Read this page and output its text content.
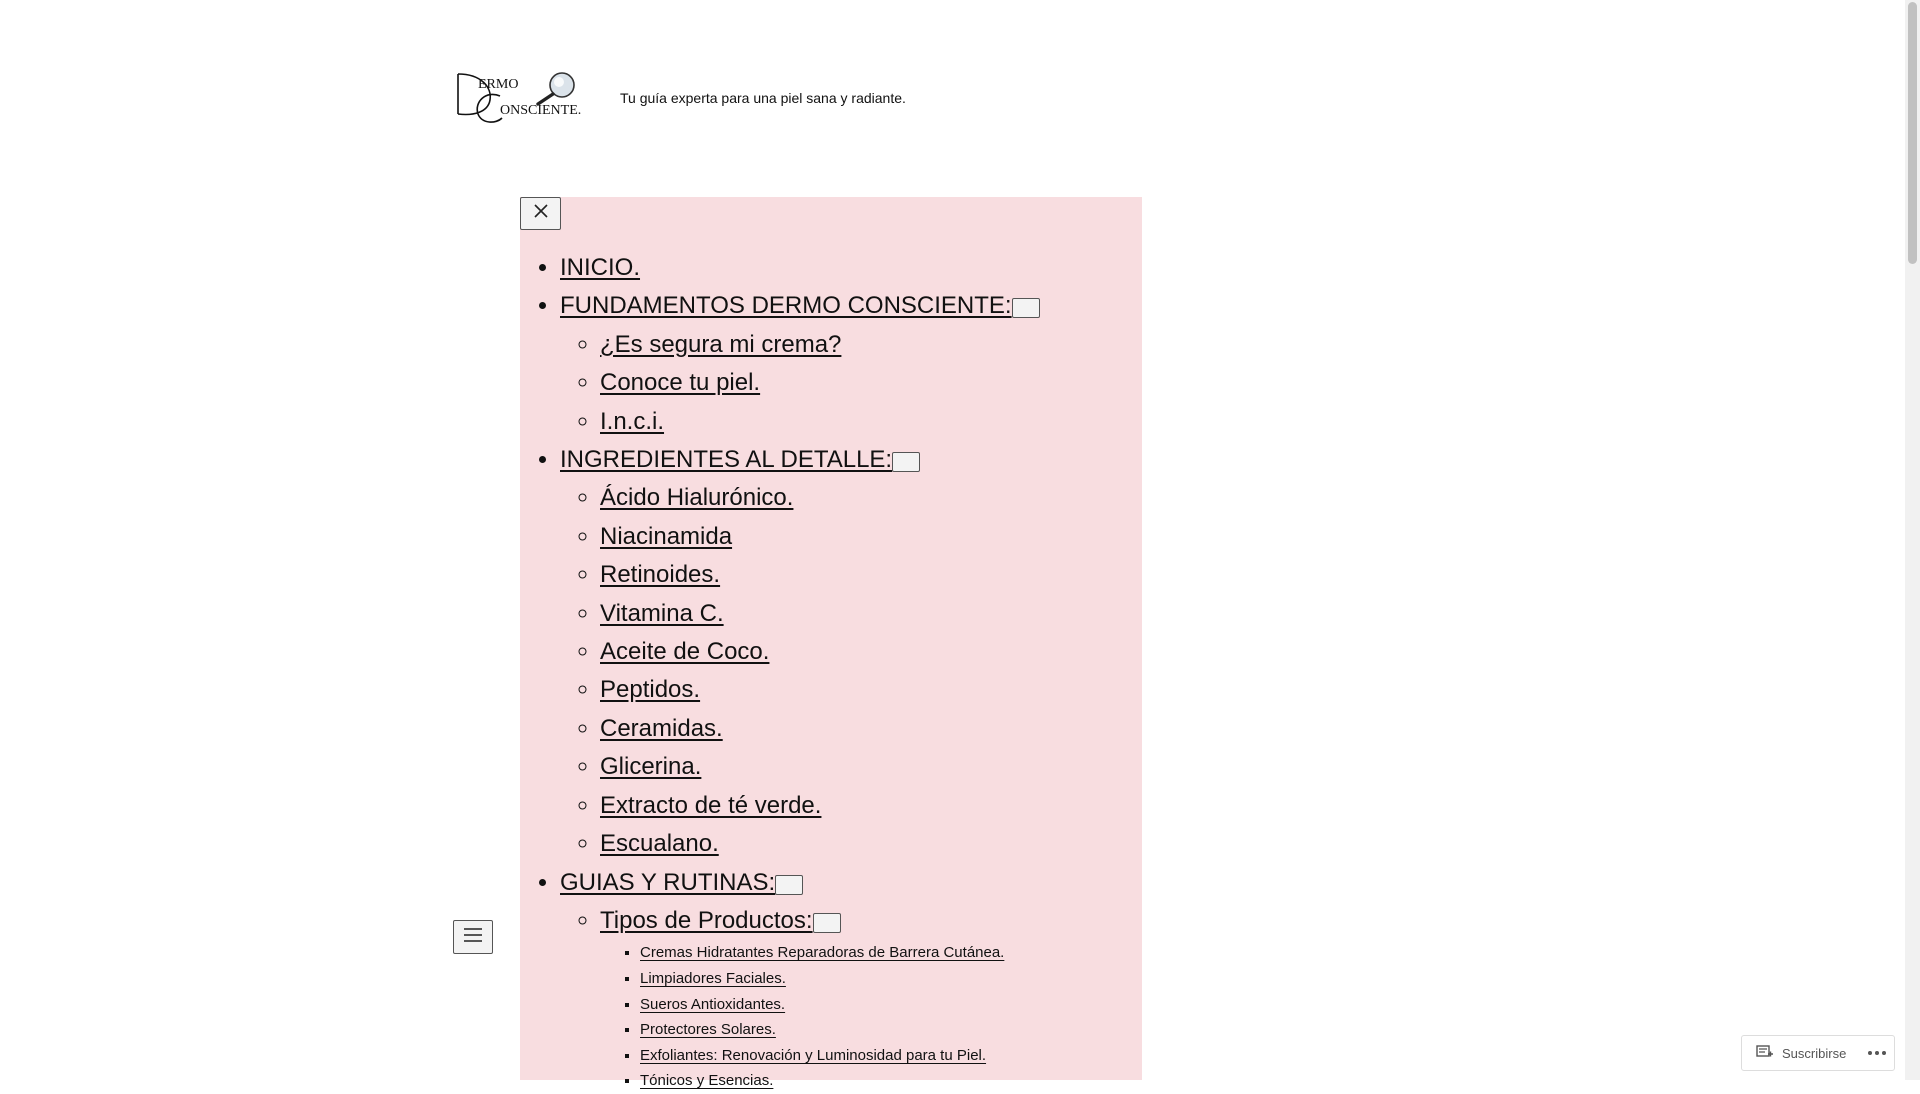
ERMO
ONSCIENTE.
Tu guía experta para una piel sana y radiante.
• INICIO.
• FUNDAMENTOS DERMO CONSCIENTE:
◦ ¿Es segura mi crema?
◦ Conoce tu piel.
◦ I.n.c.i.
• INGREDIENTES AL DETALLE:
◦ Ácido Hialurónico.
◦ Niacinamida
◦ Retinoides.
◦ Vitamina C.
◦ Aceite de Coco.
◦ Peptidos.
◦ Ceramidas.
◦ Glicerina.
◦ Extracto de té verde.
◦ Escualano.
• GUIAS Y RUTINAS:
◦ Tipos de Productos:
▪ Cremas Hidratantes Reparadoras de Barrera Cutánea.
▪ Limpiadores Faciales.
▪ Sueros Antioxidantes.
▪ Protectores Solares.
▪ Exfoliantes: Renovación y Luminosidad para tu Piel.
▪ Tónicos y Esencias.
Suscribirse
